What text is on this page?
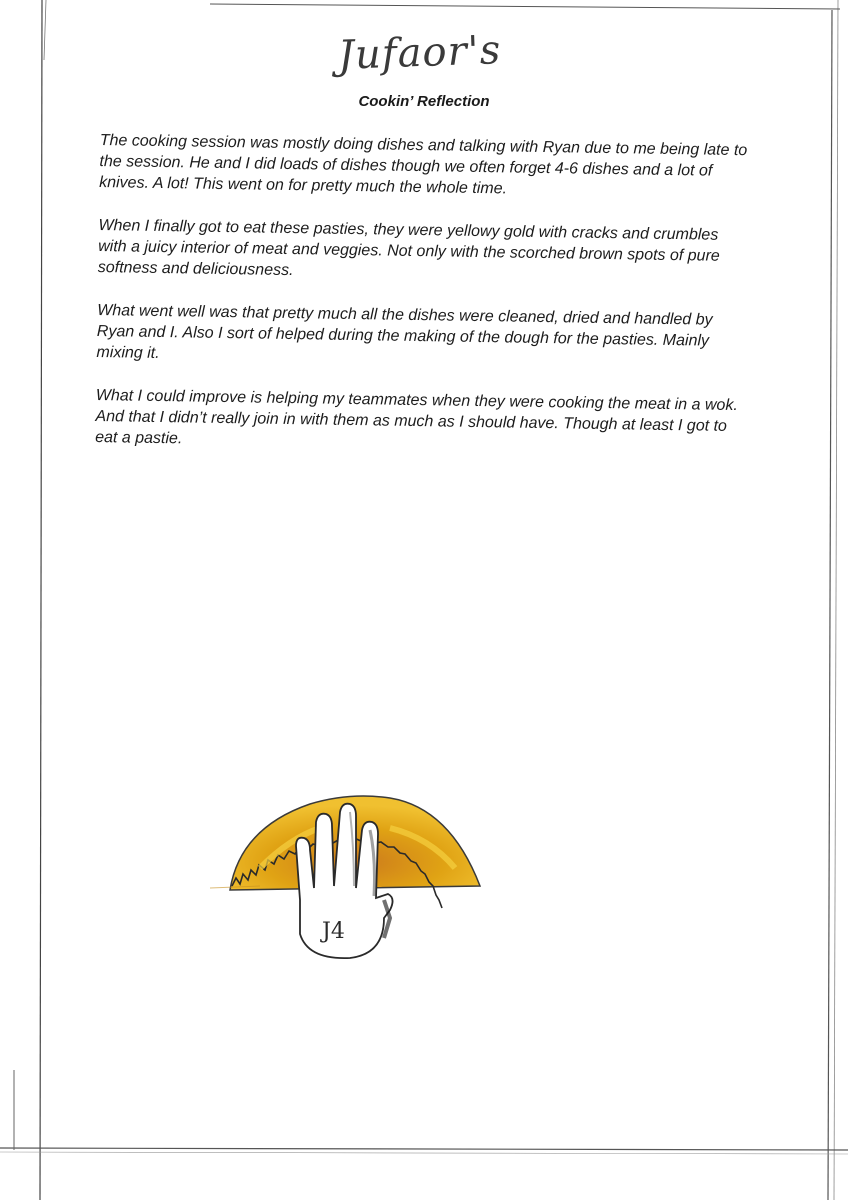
Jufaor's
Cookin’ Reflection

The cooking session was mostly doing dishes and talking with Ryan due to me being late to the session. He and I did loads of dishes though we often forget 4-6 dishes and a lot of knives. A lot! This went on for pretty much the whole time.

When I finally got to eat these pasties, they were yellowy gold with cracks and crumbles with a juicy interior of meat and veggies. Not only with the scorched brown spots of pure softness and deliciousness.

What went well was that pretty much all the dishes were cleaned, dried and handled by Ryan and I. Also I sort of helped during the making of the dough for the pasties. Mainly mixing it.

What I could improve is helping my teammates when they were cooking the meat in a wok. And that I didn’t really join in with them as much as I should have. Though at least I got to eat a pastie.

J4
